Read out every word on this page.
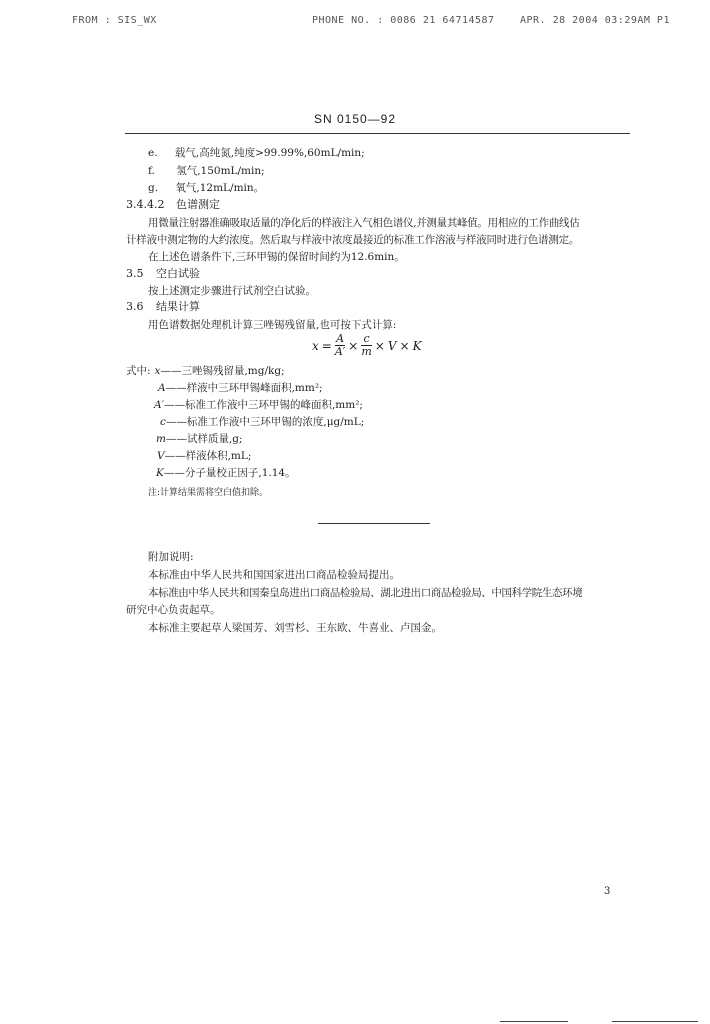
FROM : SIS_WX	PHONE NO. : 0086 21 64714587	APR. 28 2004 03:29AM P1
SN 0150—92
e. 载气,高纯氮,纯度>99.99%,60mL/min;
f. 氢气,150mL/min;
g. 氧气,12mL/min。
3.4.4.2 色谱测定
用微量注射器准确吸取适量的净化后的样液注入气相色谱仪,并测量其峰值。用相应的工作曲线估
计样液中测定物的大约浓度。然后取与样液中浓度最接近的标准工作溶液与样液同时进行色谱测定。
在上述色谱条件下,三环甲锡的保留时间约为12.6min。
3.5 空白试验
按上述测定步骤进行试剂空白试验。
3.6 结果计算
用色谱数据处理机计算三唑锡残留量,也可按下式计算:
$x = \frac{A}{A'} \times \frac{c}{m} \times V \times K$
式中: x——三唑锡残留量,mg/kg;
A——样液中三环甲锡峰面积,mm²;
A′——标准工作液中三环甲锡的峰面积,mm²;
c——标准工作液中三环甲锡的浓度,μg/mL;
m——试样质量,g;
V——样液体积,mL;
K——分子量校正因子,1.14。
注:计算结果需将空白值扣除。
附加说明:
本标准由中华人民共和国国家进出口商品检验局提出。
本标准由中华人民共和国秦皇岛进出口商品检验局、湖北进出口商品检验局、中国科学院生态环境
研究中心负责起草。
本标准主要起草人梁国芳、刘雪杉、王东欧、牛喜业、卢国金。
3
